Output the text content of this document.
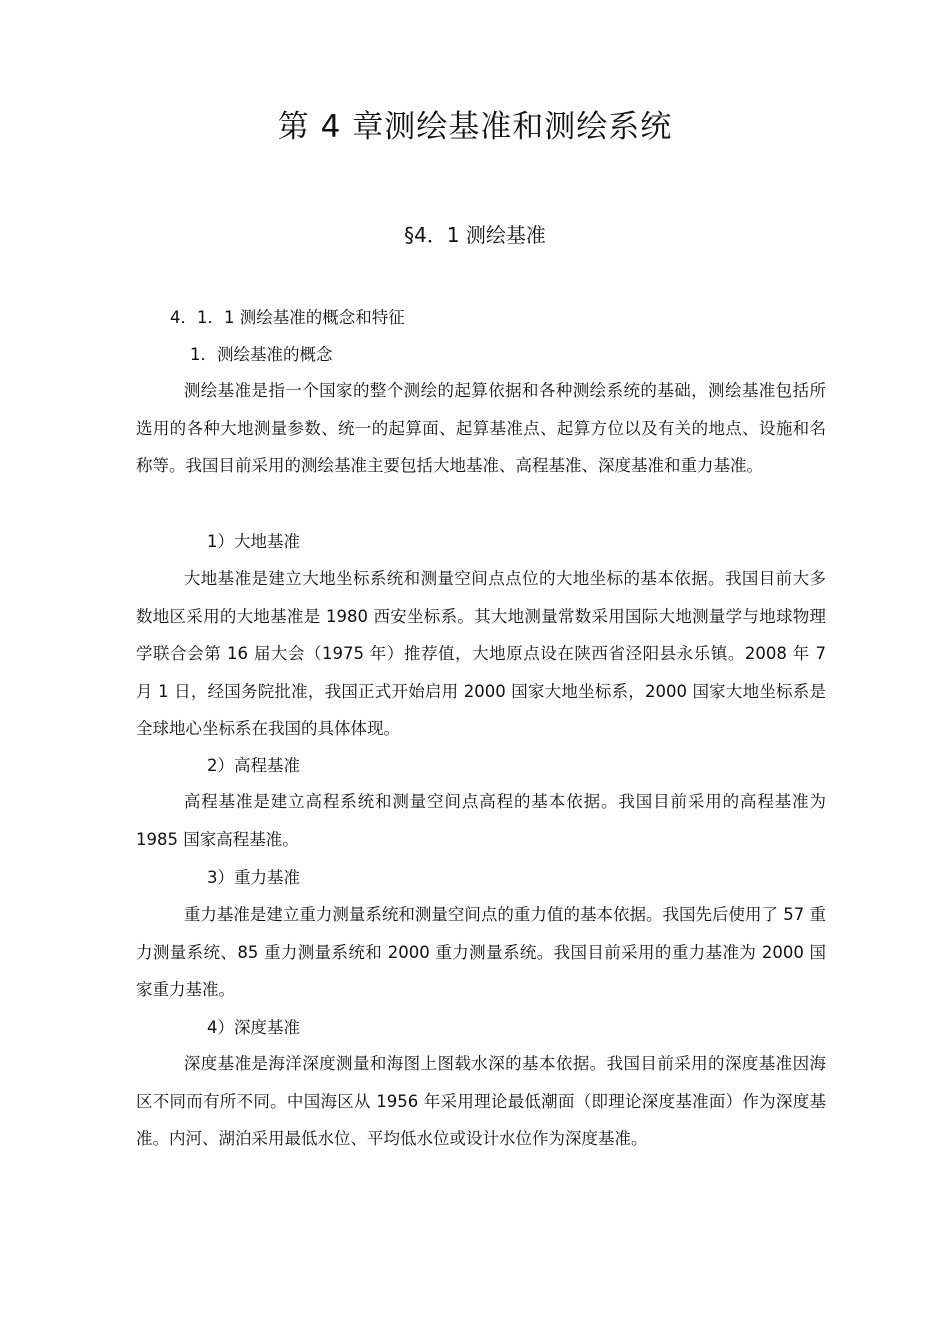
第 4 章测绘基准和测绘系统
§4．1 测绘基准
4．1．1 测绘基准的概念和特征
1．测绘基准的概念

测绘基准是指一个国家的整个测绘的起算依据和各种测绘系统的基础，测绘基准包括所选用的各种大地测量参数、统一的起算面、起算基准点、起算方位以及有关的地点、设施和名称等。我国目前采用的测绘基准主要包括大地基准、高程基准、深度基准和重力基准。

1）大地基准

大地基准是建立大地坐标系统和测量空间点点位的大地坐标的基本依据。我国目前大多数地区采用的大地基准是 1980 西安坐标系。其大地测量常数采用国际大地测量学与地球物理学联合会第 16 届大会（1975 年）推荐值，大地原点设在陕西省泾阳县永乐镇。2008 年 7 月 1 日，经国务院批准，我国正式开始启用 2000 国家大地坐标系，2000 国家大地坐标系是全球地心坐标系在我国的具体体现。

2）高程基准

高程基准是建立高程系统和测量空间点高程的基本依据。我国目前采用的高程基准为 1985 国家高程基准。

3）重力基准

重力基准是建立重力测量系统和测量空间点的重力值的基本依据。我国先后使用了 57 重力测量系统、85 重力测量系统和 2000 重力测量系统。我国目前采用的重力基准为 2000 国家重力基准。

4）深度基准

深度基准是海洋深度测量和海图上图载水深的基本依据。我国目前采用的深度基准因海区不同而有所不同。中国海区从 1956 年采用理论最低潮面（即理论深度基准面）作为深度基准。内河、湖泊采用最低水位、平均低水位或设计水位作为深度基准。
